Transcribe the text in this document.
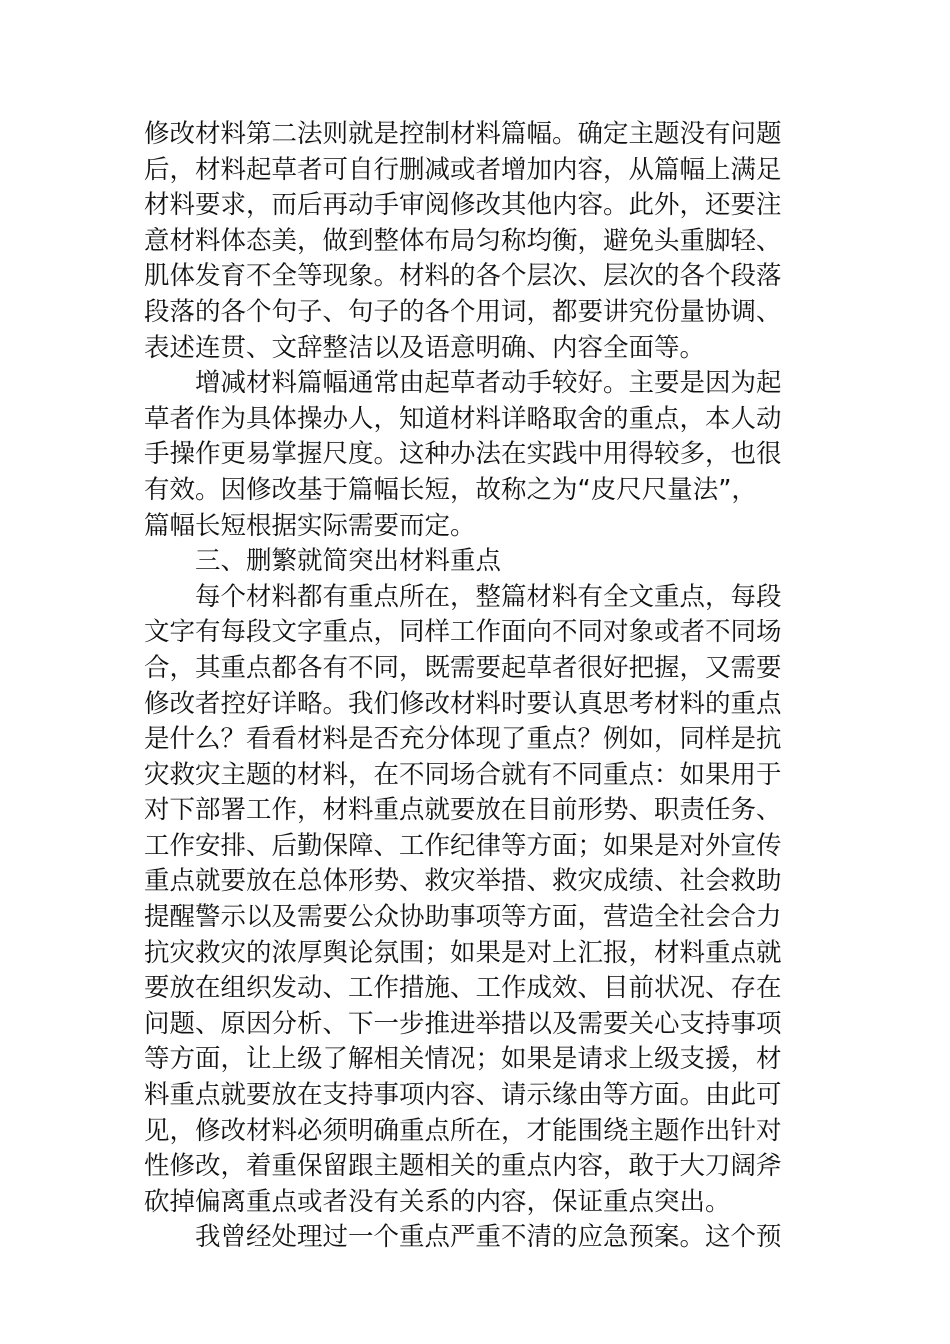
修改材料第二法则就是控制材料篇幅。确定主题没有问题
后，材料起草者可自行删减或者增加内容，从篇幅上满足
材料要求，而后再动手审阅修改其他内容。此外，还要注
意材料体态美，做到整体布局匀称均衡，避免头重脚轻、
肌体发育不全等现象。材料的各个层次、层次的各个段落
段落的各个句子、句子的各个用词，都要讲究份量协调、
表述连贯、文辞整洁以及语意明确、内容全面等。
增减材料篇幅通常由起草者动手较好。主要是因为起
草者作为具体操办人，知道材料详略取舍的重点，本人动
手操作更易掌握尺度。这种办法在实践中用得较多，也很
有效。因修改基于篇幅长短，故称之为“皮尺尺量法”，
篇幅长短根据实际需要而定。
三、删繁就简突出材料重点
每个材料都有重点所在，整篇材料有全文重点，每段
文字有每段文字重点，同样工作面向不同对象或者不同场
合，其重点都各有不同，既需要起草者很好把握，又需要
修改者控好详略。我们修改材料时要认真思考材料的重点
是什么？看看材料是否充分体现了重点？例如，同样是抗
灾救灾主题的材料，在不同场合就有不同重点：如果用于
对下部署工作，材料重点就要放在目前形势、职责任务、
工作安排、后勤保障、工作纪律等方面；如果是对外宣传
重点就要放在总体形势、救灾举措、救灾成绩、社会救助
提醒警示以及需要公众协助事项等方面，营造全社会合力
抗灾救灾的浓厚舆论氛围；如果是对上汇报，材料重点就
要放在组织发动、工作措施、工作成效、目前状况、存在
问题、原因分析、下一步推进举措以及需要关心支持事项
等方面，让上级了解相关情况；如果是请求上级支援，材
料重点就要放在支持事项内容、请示缘由等方面。由此可
见，修改材料必须明确重点所在，才能围绕主题作出针对
性修改，着重保留跟主题相关的重点内容，敢于大刀阔斧
砍掉偏离重点或者没有关系的内容，保证重点突出。
我曾经处理过一个重点严重不清的应急预案。这个预
